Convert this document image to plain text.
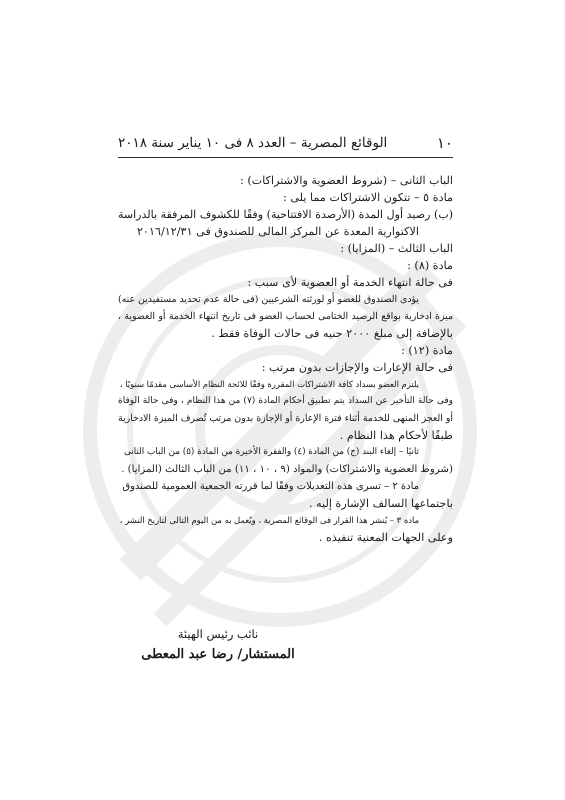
١٠
الوقائع المصرية – العدد ٨ فى ١٠ يناير سنة ٢٠١٨

الباب الثانى – (شروط العضوية والاشتراكات) :

مادة ٥ – تتكون الاشتراكات مما يلى :

(ب) رصيد أول المدة (الأرصدة الافتتاحية) وفقًا للكشوف المرفقة بالدراسة

الاكتوارية المعدة عن المركز المالى للصندوق فى ٢٠١٦/١٢/٣١

الباب الثالث – (المزايا) :

مادة (٨) :

فى حالة انتهاء الخدمة أو العضوية لأى سبب :

يؤدى الصندوق للعضو أو لورثته الشرعيين (فى حالة عدم تحديد مستفيدين عنه)

ميزة ادخارية بواقع الرصيد الختامى لحساب العضو فى تاريخ انتهاء الخدمة أو العضوية ،

بالإضافة إلى مبلغ ٢٠٠٠ جنيه فى حالات الوفاة فقط .

مادة (١٢) :

فى حالة الإعارات والإجازات بدون مرتب :

يلتزم العضو بسداد كافة الاشتراكات المقررة وفقًا للائحة النظام الأساسى مقدمًا سنويًا ،

وفى حالة التأخير عن السداد يتم تطبيق أحكام المادة (٧) من هذا النظام ، وفى حالة الوفاة

أو العجز المنهى للخدمة أثناء فترة الإعارة أو الإجازة بدون مرتب تُصرف الميزة الادخارية

طبقًا لأحكام هذا النظام .

ثانيًا – إلغاء البند (ج) من المادة (٤) والفقرة الأخيرة من المادة (٥) من الباب الثانى

(شروط العضوية والاشتراكات) والمواد (٩ ، ١٠ ، ١١) من الباب الثالث (المزايا) .

مادة ٢ – تسرى هذه التعديلات وفقًا لما قررته الجمعية العمومية للصندوق

باجتماعها السالف الإشارة إليه .

مادة ٣ – يُنشر هذا القرار فى الوقائع المصرية ، ويُعمل به من اليوم التالى لتاريخ النشر ،

وعلى الجهات المعنية تنفيذه .

نائب رئيس الهيئة
المستشار/ رضا عبد المعطى
